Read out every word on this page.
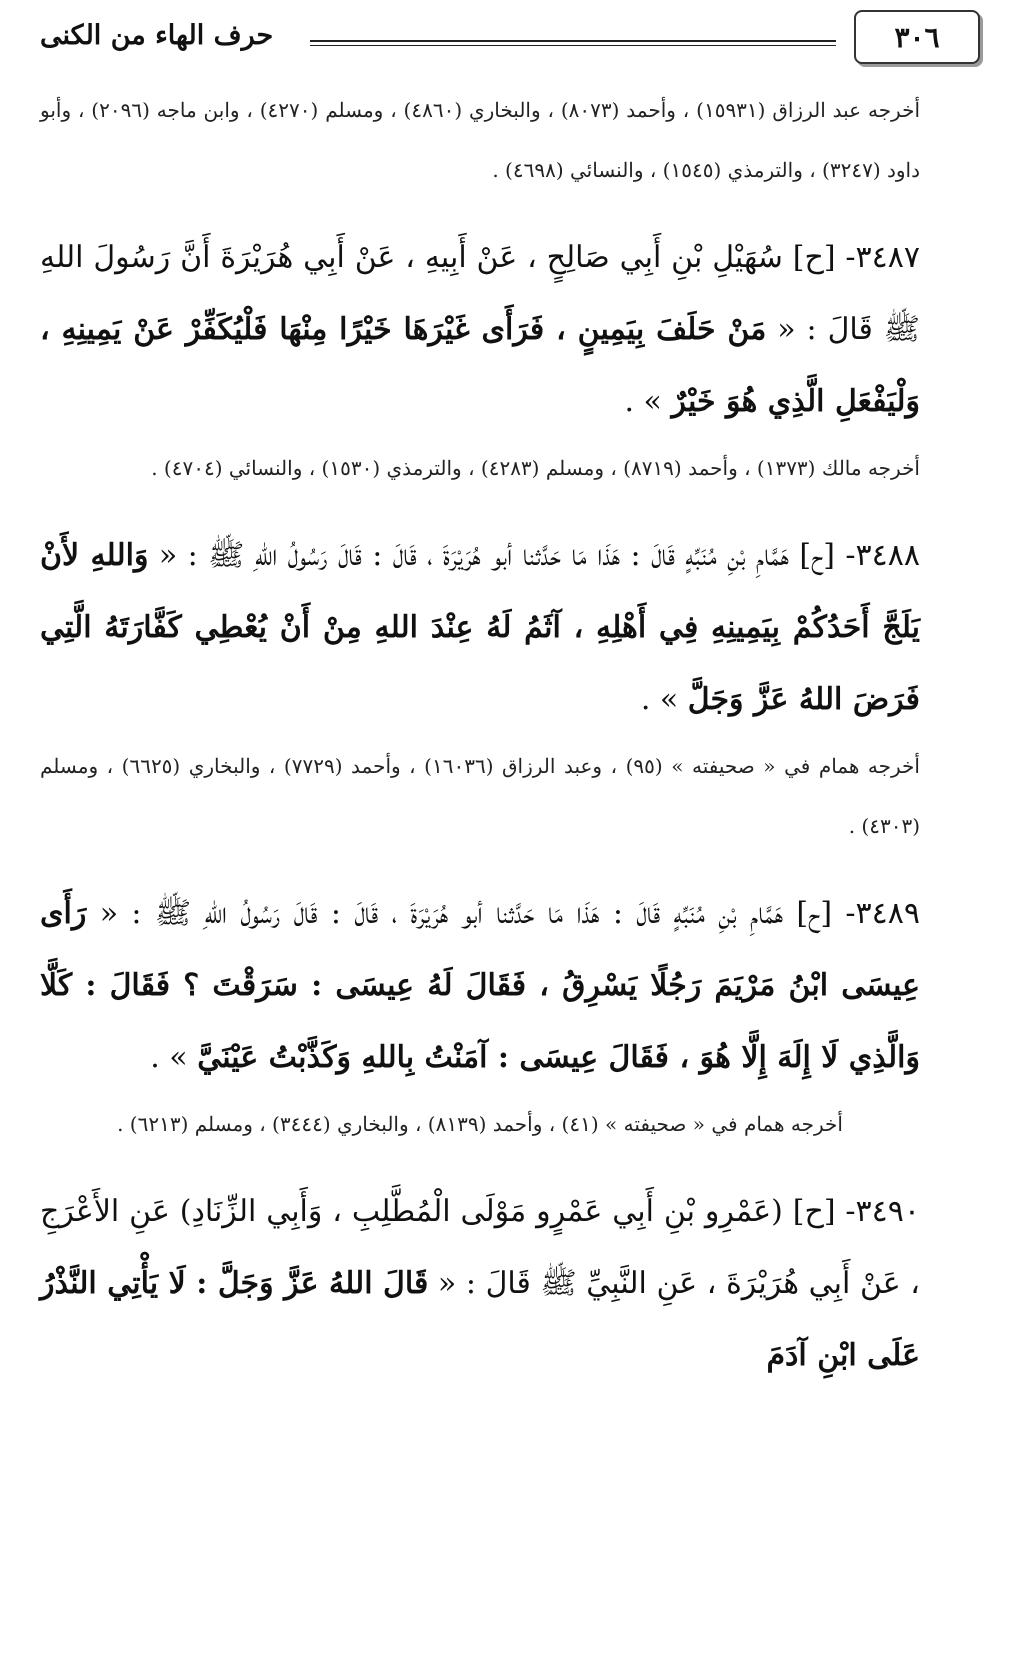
٣٠٦
حرف الهاء من الكنى

أخرجه عبد الرزاق (١٥٩٣١) ، وأحمد (٨٠٧٣) ، والبخاري (٤٨٦٠) ، ومسلم (٤٢٧٠) ، وابن ماجه (٢٠٩٦) ، وأبو داود (٣٢٤٧) ، والترمذي (١٥٤٥) ، والنسائي (٤٦٩٨) .

٣٤٨٧- [ح] سُهَيْلِ بْنِ أَبِي صَالِحٍ ، عَنْ أَبِيهِ ، عَنْ أَبِي هُرَيْرَةَ أَنَّ رَسُولَ اللهِ ﷺ قَالَ : « مَنْ حَلَفَ بِيَمِينٍ ، فَرَأَى غَيْرَهَا خَيْرًا مِنْهَا فَلْيُكَفِّرْ عَنْ يَمِينِهِ ، وَلْيَفْعَلِ الَّذِي هُوَ خَيْرٌ » .

أخرجه مالك (١٣٧٣) ، وأحمد (٨٧١٩) ، ومسلم (٤٢٨٣) ، والترمذي (١٥٣٠) ، والنسائي (٤٧٠٤) .

٣٤٨٨- [ح] هَمَّامِ بْنِ مُنَبِّهٍ قَالَ : هَذَا مَا حَدَّثنا أبو هُرَيْرَةَ ، قَالَ : قَالَ رَسُولُ اللهِ ﷺ : « وَاللهِ لأَنْ يَلَجَّ أَحَدُكُمْ بِيَمِينِهِ فِي أَهْلِهِ ، آثَمُ لَهُ عِنْدَ اللهِ مِنْ أَنْ يُعْطِي كَفَّارَتَهُ الَّتِي فَرَضَ اللهُ عَزَّ وَجَلَّ » .

أخرجه همام في « صحيفته » (٩٥) ، وعبد الرزاق (١٦٠٣٦) ، وأحمد (٧٧٢٩) ، والبخاري (٦٦٢٥) ، ومسلم (٤٣٠٣) .

٣٤٨٩- [ح] هَمَّامِ بْنِ مُنَبِّهٍ قَالَ : هَذَا مَا حَدَّثنا أبو هُرَيْرَةَ ، قَالَ : قَالَ رَسُولُ اللهِ ﷺ : « رَأَى عِيسَى ابْنُ مَرْيَمَ رَجُلًا يَسْرِقُ ، فَقَالَ لَهُ عِيسَى : سَرَقْتَ ؟ فَقَالَ : كَلَّا وَالَّذِي لَا إِلَهَ إِلَّا هُوَ ، فَقَالَ عِيسَى : آمَنْتُ بِاللهِ وَكَذَّبْتُ عَيْنَيَّ » .

أخرجه همام في « صحيفته » (٤١) ، وأحمد (٨١٣٩) ، والبخاري (٣٤٤٤) ، ومسلم (٦٢١٣) .

٣٤٩٠- [ح] (عَمْرِو بْنِ أَبِي عَمْرٍو مَوْلَى الْمُطَّلِبِ ، وَأَبِي الزِّنَادِ) عَنِ الأَعْرَجِ ، عَنْ أَبِي هُرَيْرَةَ ، عَنِ النَّبِيِّ ﷺ قَالَ : « قَالَ اللهُ عَزَّ وَجَلَّ : لَا يَأْتِي النَّذْرُ عَلَى ابْنِ آدَمَ
